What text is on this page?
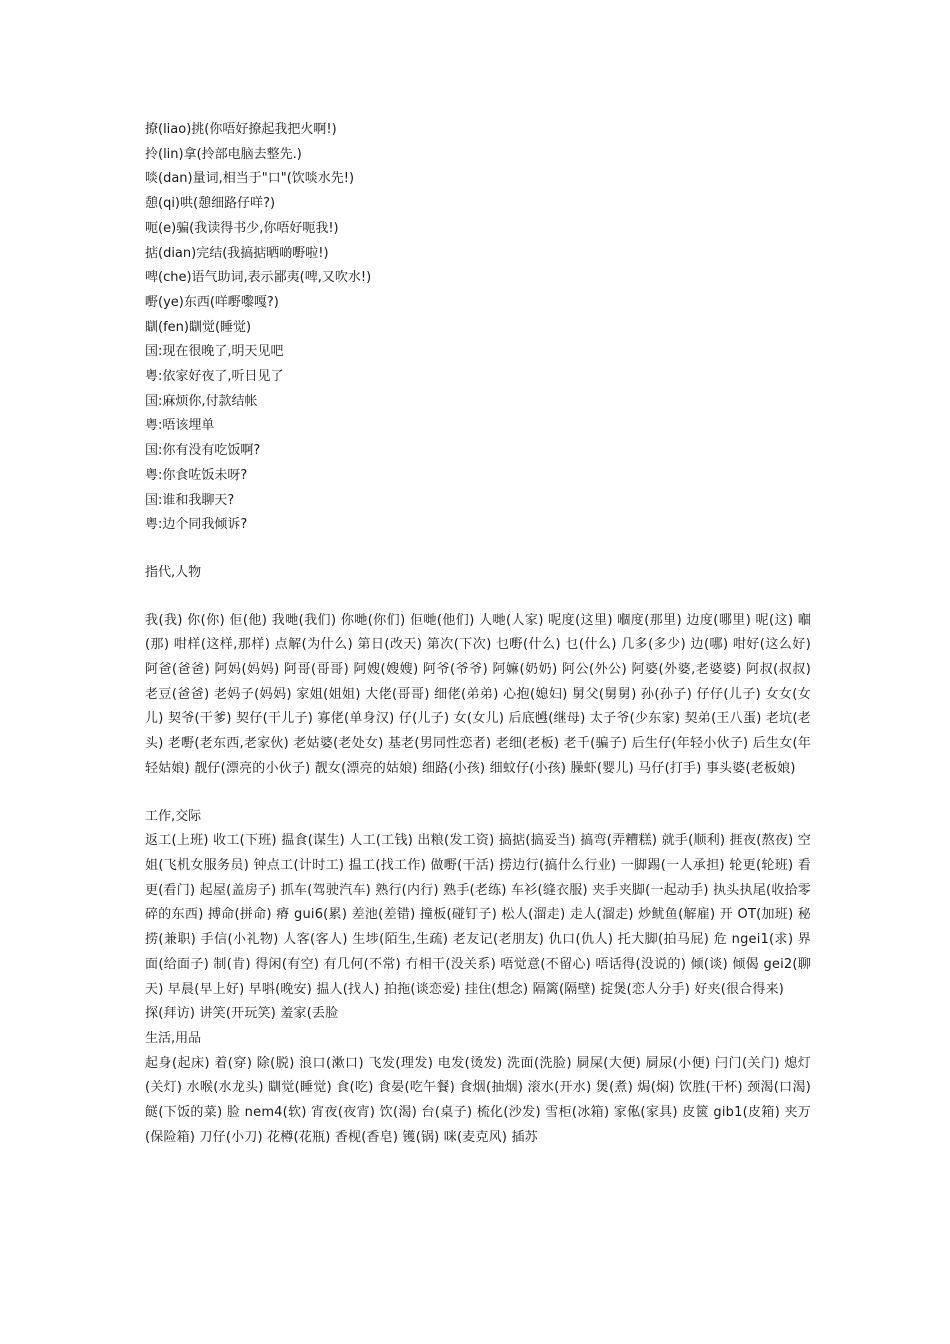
撩(liao)挑(你唔好撩起我把火啊!)

拎(lin)拿(拎部电脑去整先.)

啖(dan)量词,相当于"口"(饮啖水先!)

憩(qi)哄(憩细路仔咩?)

呃(e)骗(我读得书少,你唔好呃我!)

掂(dian)完结(我搞掂晒啲嘢啦!)

啤(che)语气助词,表示鄙夷(啤,又吹水!)

嘢(ye)东西(咩嘢嚟嘎?)

瞓(fen)瞓觉(睡觉)

国:现在很晚了,明天见吧

粤:依家好夜了,听日见了

国:麻烦你,付款结帐

粤:唔该埋单

国:你有没有吃饭啊?

粤:你食咗饭未呀?

国:谁和我聊天?

粤:边个同我倾诉?

指代,人物

我(我) 你(你) 佢(他) 我哋(我们) 你哋(你们) 佢哋(他们) 人哋(人家) 呢度(这里) 嗰度(那里) 边度(哪里) 呢(这) 嗰(那) 咁样(这样,那样) 点解(为什么) 第日(改天) 第次(下次) 乜嘢(什么) 乜(什么) 几多(多少) 边(哪) 咁好(这么好) 阿爸(爸爸) 阿妈(妈妈) 阿哥(哥哥) 阿嫂(嫂嫂) 阿爷(爷爷) 阿嫲(奶奶) 阿公(外公) 阿婆(外婆,老婆婆) 阿叔(叔叔) 老豆(爸爸) 老妈子(妈妈) 家姐(姐姐) 大佬(哥哥) 细佬(弟弟) 心抱(媳妇) 舅父(舅舅) 孙(孙子) 仔仔(儿子) 女女(女儿) 契爷(干爹) 契仔(干儿子) 寡佬(单身汉) 仔(儿子) 女(女儿) 后底乸(继母) 太子爷(少东家) 契弟(王八蛋) 老坑(老头) 老嘢(老东西,老家伙) 老姑婆(老处女) 基老(男同性恋者) 老细(老板) 老千(骗子) 后生仔(年轻小伙子) 后生女(年轻姑娘) 靓仔(漂亮的小伙子) 靓女(漂亮的姑娘) 细路(小孩) 细蚊仔(小孩) 臊虾(婴儿) 马仔(打手) 事头婆(老板娘)

工作,交际

返工(上班) 收工(下班) 揾食(谋生) 人工(工钱) 出粮(发工资) 搞掂(搞妥当) 搞弯(弄糟糕) 就手(顺利) 捱夜(熬夜) 空姐(飞机女服务员) 钟点工(计时工) 揾工(找工作) 做嘢(干活) 捞边行(搞什么行业) 一脚踢(一人承担) 轮更(轮班) 看更(看门) 起屋(盖房子) 抓车(驾驶汽车) 熟行(内行) 熟手(老练) 车衫(缝衣服) 夹手夹脚(一起动手) 执头执尾(收拾零碎的东西) 搏命(拼命) 瘠 gui6(累) 差池(差错) 撞板(碰钉子) 松人(溜走) 走人(溜走) 炒鱿鱼(解雇) 开 OT(加班) 秘捞(兼职) 手信(小礼物) 人客(客人) 生埗(陌生,生疏) 老友记(老朋友) 仇口(仇人) 托大脚(拍马屁) 危 ngei1(求) 界面(给面子) 制(肯) 得闲(有空) 有几何(不常) 冇相干(没关系) 唔觉意(不留心) 唔话得(没说的) 倾(谈) 倾偈 gei2(聊天) 早晨(早上好) 早唞(晚安) 揾人(找人) 拍拖(谈恋爱) 挂住(想念) 隔篱(隔壁) 掟煲(恋人分手) 好夹(很合得来)

探(拜访) 讲笑(开玩笑) 羞家(丢脸

生活,用品

起身(起床) 着(穿) 除(脱) 浪口(漱口) 飞发(理发) 电发(烫发) 洗面(洗脸) 屙屎(大便) 屙尿(小便) 闩门(关门) 熄灯(关灯) 水喉(水龙头) 瞓觉(睡觉) 食(吃) 食晏(吃午餐) 食烟(抽烟) 滚水(开水) 煲(煮) 焗(焖) 饮胜(干杯) 颈渴(口渴) 餸(下饭的菜) 脸 nem4(软) 宵夜(夜宵) 饮(渴) 台(桌子) 梳化(沙发) 雪柜(冰箱) 家俬(家具) 皮篋 gib1(皮箱) 夹万(保险箱) 刀仔(小刀) 花樽(花瓶) 香枧(香皂) 镬(锅) 咪(麦克风) 插苏
